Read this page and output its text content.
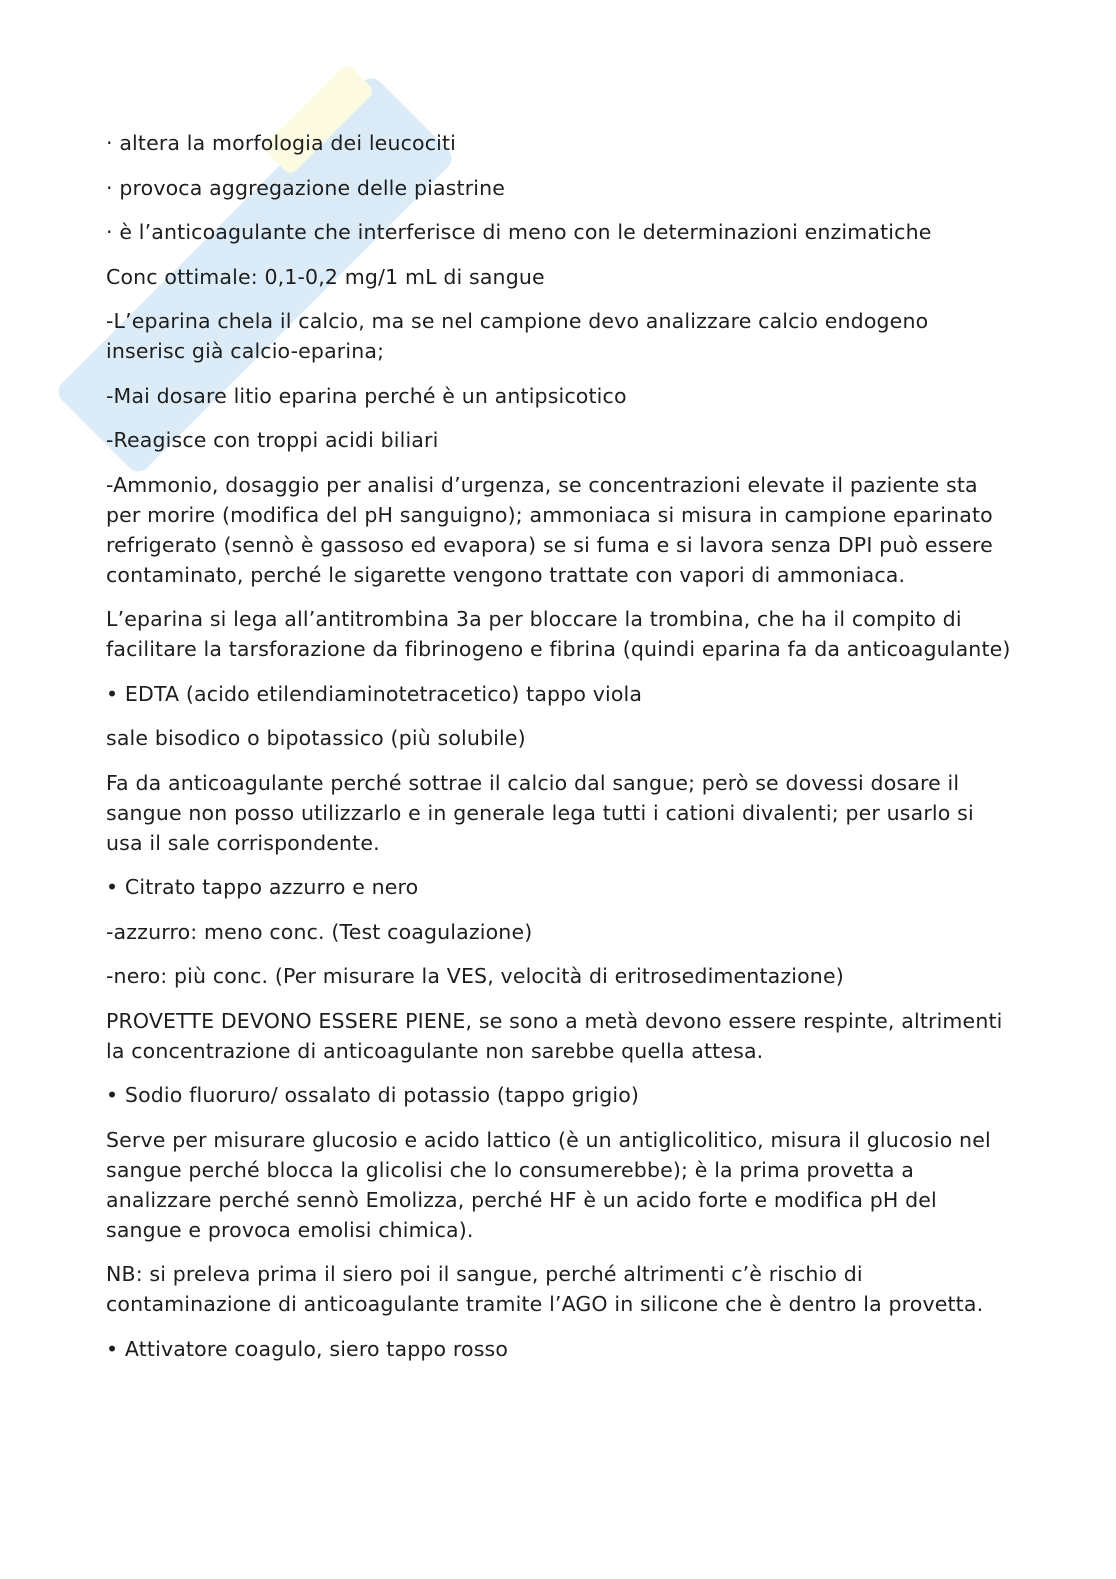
· altera la morfologia dei leucociti

· provoca aggregazione delle piastrine

· è l’anticoagulante che interferisce di meno con le determinazioni enzimatiche

Conc ottimale: 0,1-0,2 mg/1 mL di sangue

-L’eparina chela il calcio, ma se nel campione devo analizzare calcio endogeno inserisc già calcio-eparina;

-Mai dosare litio eparina perché è un antipsicotico

-Reagisce con troppi acidi biliari

-Ammonio, dosaggio per analisi d’urgenza, se concentrazioni elevate il paziente sta per morire (modifica del pH sanguigno); ammoniaca si misura in campione eparinato refrigerato (sennò è gassoso ed evapora) se si fuma e si lavora senza DPI può essere contaminato, perché le sigarette vengono trattate con vapori di ammoniaca.

L’eparina si lega all’antitrombina 3a per bloccare la trombina, che ha il compito di facilitare la tarsforazione da fibrinogeno e fibrina (quindi eparina fa da anticoagulante)

• EDTA (acido etilendiaminotetracetico) tappo viola

sale bisodico o bipotassico (più solubile)

Fa da anticoagulante perché sottrae il calcio dal sangue; però se dovessi dosare il sangue non posso utilizzarlo e in generale lega tutti i cationi divalenti; per usarlo si usa il sale corrispondente.

• Citrato tappo azzurro e nero

-azzurro: meno conc. (Test coagulazione)

-nero: più conc. (Per misurare la VES, velocità di eritrosedimentazione)

PROVETTE DEVONO ESSERE PIENE, se sono a metà devono essere respinte, altrimenti la concentrazione di anticoagulante non sarebbe quella attesa.

• Sodio fluoruro/ ossalato di potassio (tappo grigio)

Serve per misurare glucosio e acido lattico (è un antiglicolitico, misura il glucosio nel sangue perché blocca la glicolisi che lo consumerebbe); è la prima provetta a analizzare perché sennò Emolizza, perché HF è un acido forte e modifica pH del sangue e provoca emolisi chimica).

NB: si preleva prima il siero poi il sangue, perché altrimenti c’è rischio di contaminazione di anticoagulante tramite l’AGO in silicone che è dentro la provetta.

• Attivatore coagulo, siero tappo rosso
